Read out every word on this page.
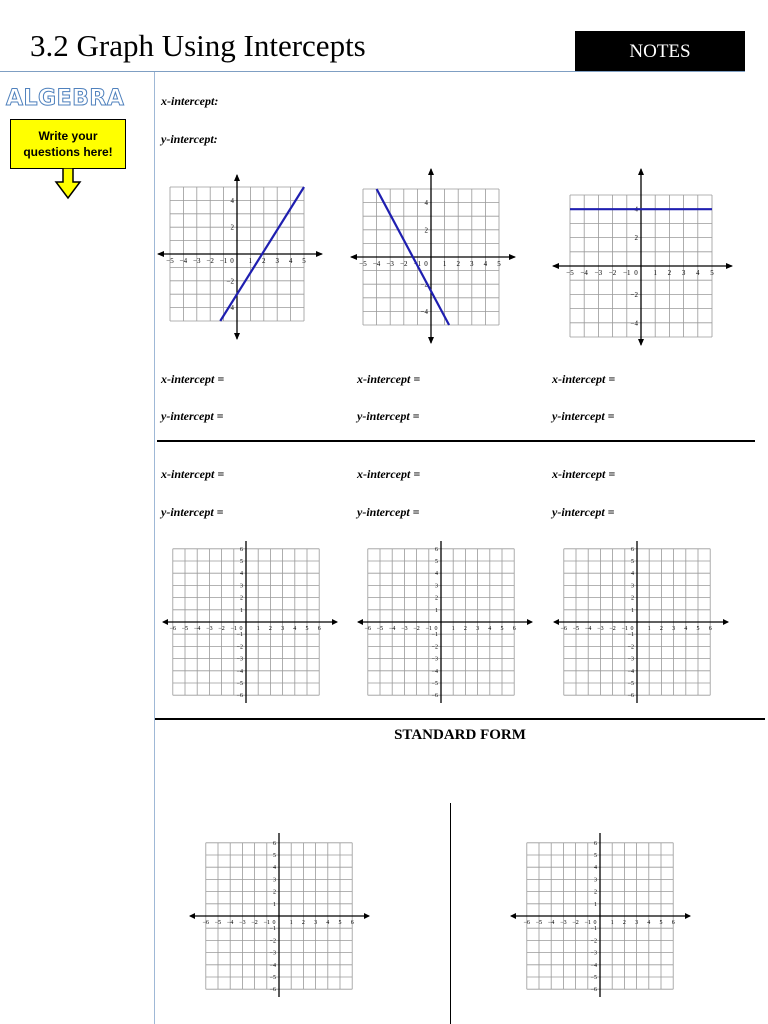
3.2 Graph Using Intercepts	NOTES
ALGEBRA
Write your
questions here!
x-intercept:
y-intercept:
−5 −4 −3 −2 −1 0 1 2 3 4 5
−4
−2
2
4
−5 −4 −3 −2 −1 0 1 2 3 4 5
−4
−2
2
4
−5 −4 −3 −2 −1 0 1 2 3 4 5
−4
−2
2
4
x-intercept =
y-intercept =
x-intercept =
y-intercept =
x-intercept =
y-intercept =
x-intercept =
y-intercept =
x-intercept =
y-intercept =
x-intercept =
y-intercept =
−6 −5 −4 −3 −2 −1 0 1 2 3 4 5 6
−6
−5
−4
−3
−2
−1
1
2
3
4
5
6
−6 −5 −4 −3 −2 −1 0 1 2 3 4 5 6
−6
−5
−4
−3
−2
−1
1
2
3
4
5
6
−6 −5 −4 −3 −2 −1 0 1 2 3 4 5 6
−6
−5
−4
−3
−2
−1
1
2
3
4
5
6
STANDARD FORM
−6 −5 −4 −3 −2 −1 0 1 2 3 4 5 6
−6
−5
−4
−3
−2
−1
1
2
3
4
5
6
−6 −5 −4 −3 −2 −1 0 1 2 3 4 5 6
−6
−5
−4
−3
−2
−1
1
2
3
4
5
6
